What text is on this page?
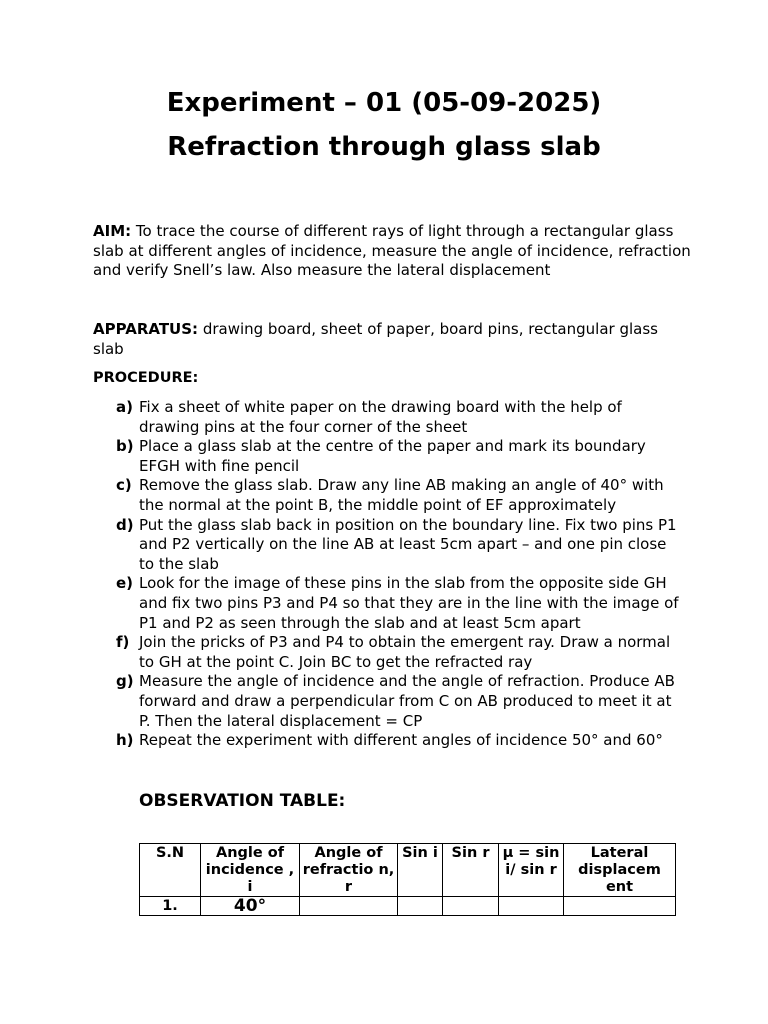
Experiment – 01 (05-09-2025)
Refraction through glass slab

AIM: To trace the course of different rays of light through a rectangular glass slab at different angles of incidence, measure the angle of incidence, refraction and verify Snell’s law. Also measure the lateral displacement

APPARATUS: drawing board, sheet of paper, board pins, rectangular glass slab

PROCEDURE:

a) Fix a sheet of white paper on the drawing board with the help of drawing pins at the four corner of the sheet
b) Place a glass slab at the centre of the paper and mark its boundary EFGH with fine pencil
c) Remove the glass slab. Draw any line AB making an angle of 40° with the normal at the point B, the middle point of EF approximately
d) Put the glass slab back in position on the boundary line. Fix two pins P1 and P2 vertically on the line AB at least 5cm apart – and one pin close to the slab
e) Look for the image of these pins in the slab from the opposite side GH and fix two pins P3 and P4 so that they are in the line with the image of P1 and P2 as seen through the slab and at least 5cm apart
f) Join the pricks of P3 and P4 to obtain the emergent ray. Draw a normal to GH at the point C. Join BC to get the refracted ray
g) Measure the angle of incidence and the angle of refraction. Produce AB forward and draw a perpendicular from C on AB produced to meet it at P. Then the lateral displacement = CP
h) Repeat the experiment with different angles of incidence 50° and 60°
OBSERVATION TABLE:
S.N	Angle of incidence , i	Angle of refractio n, r	Sin i	Sin r	μ = sin i/ sin r	Lateral displacem ent
1.	40°					
